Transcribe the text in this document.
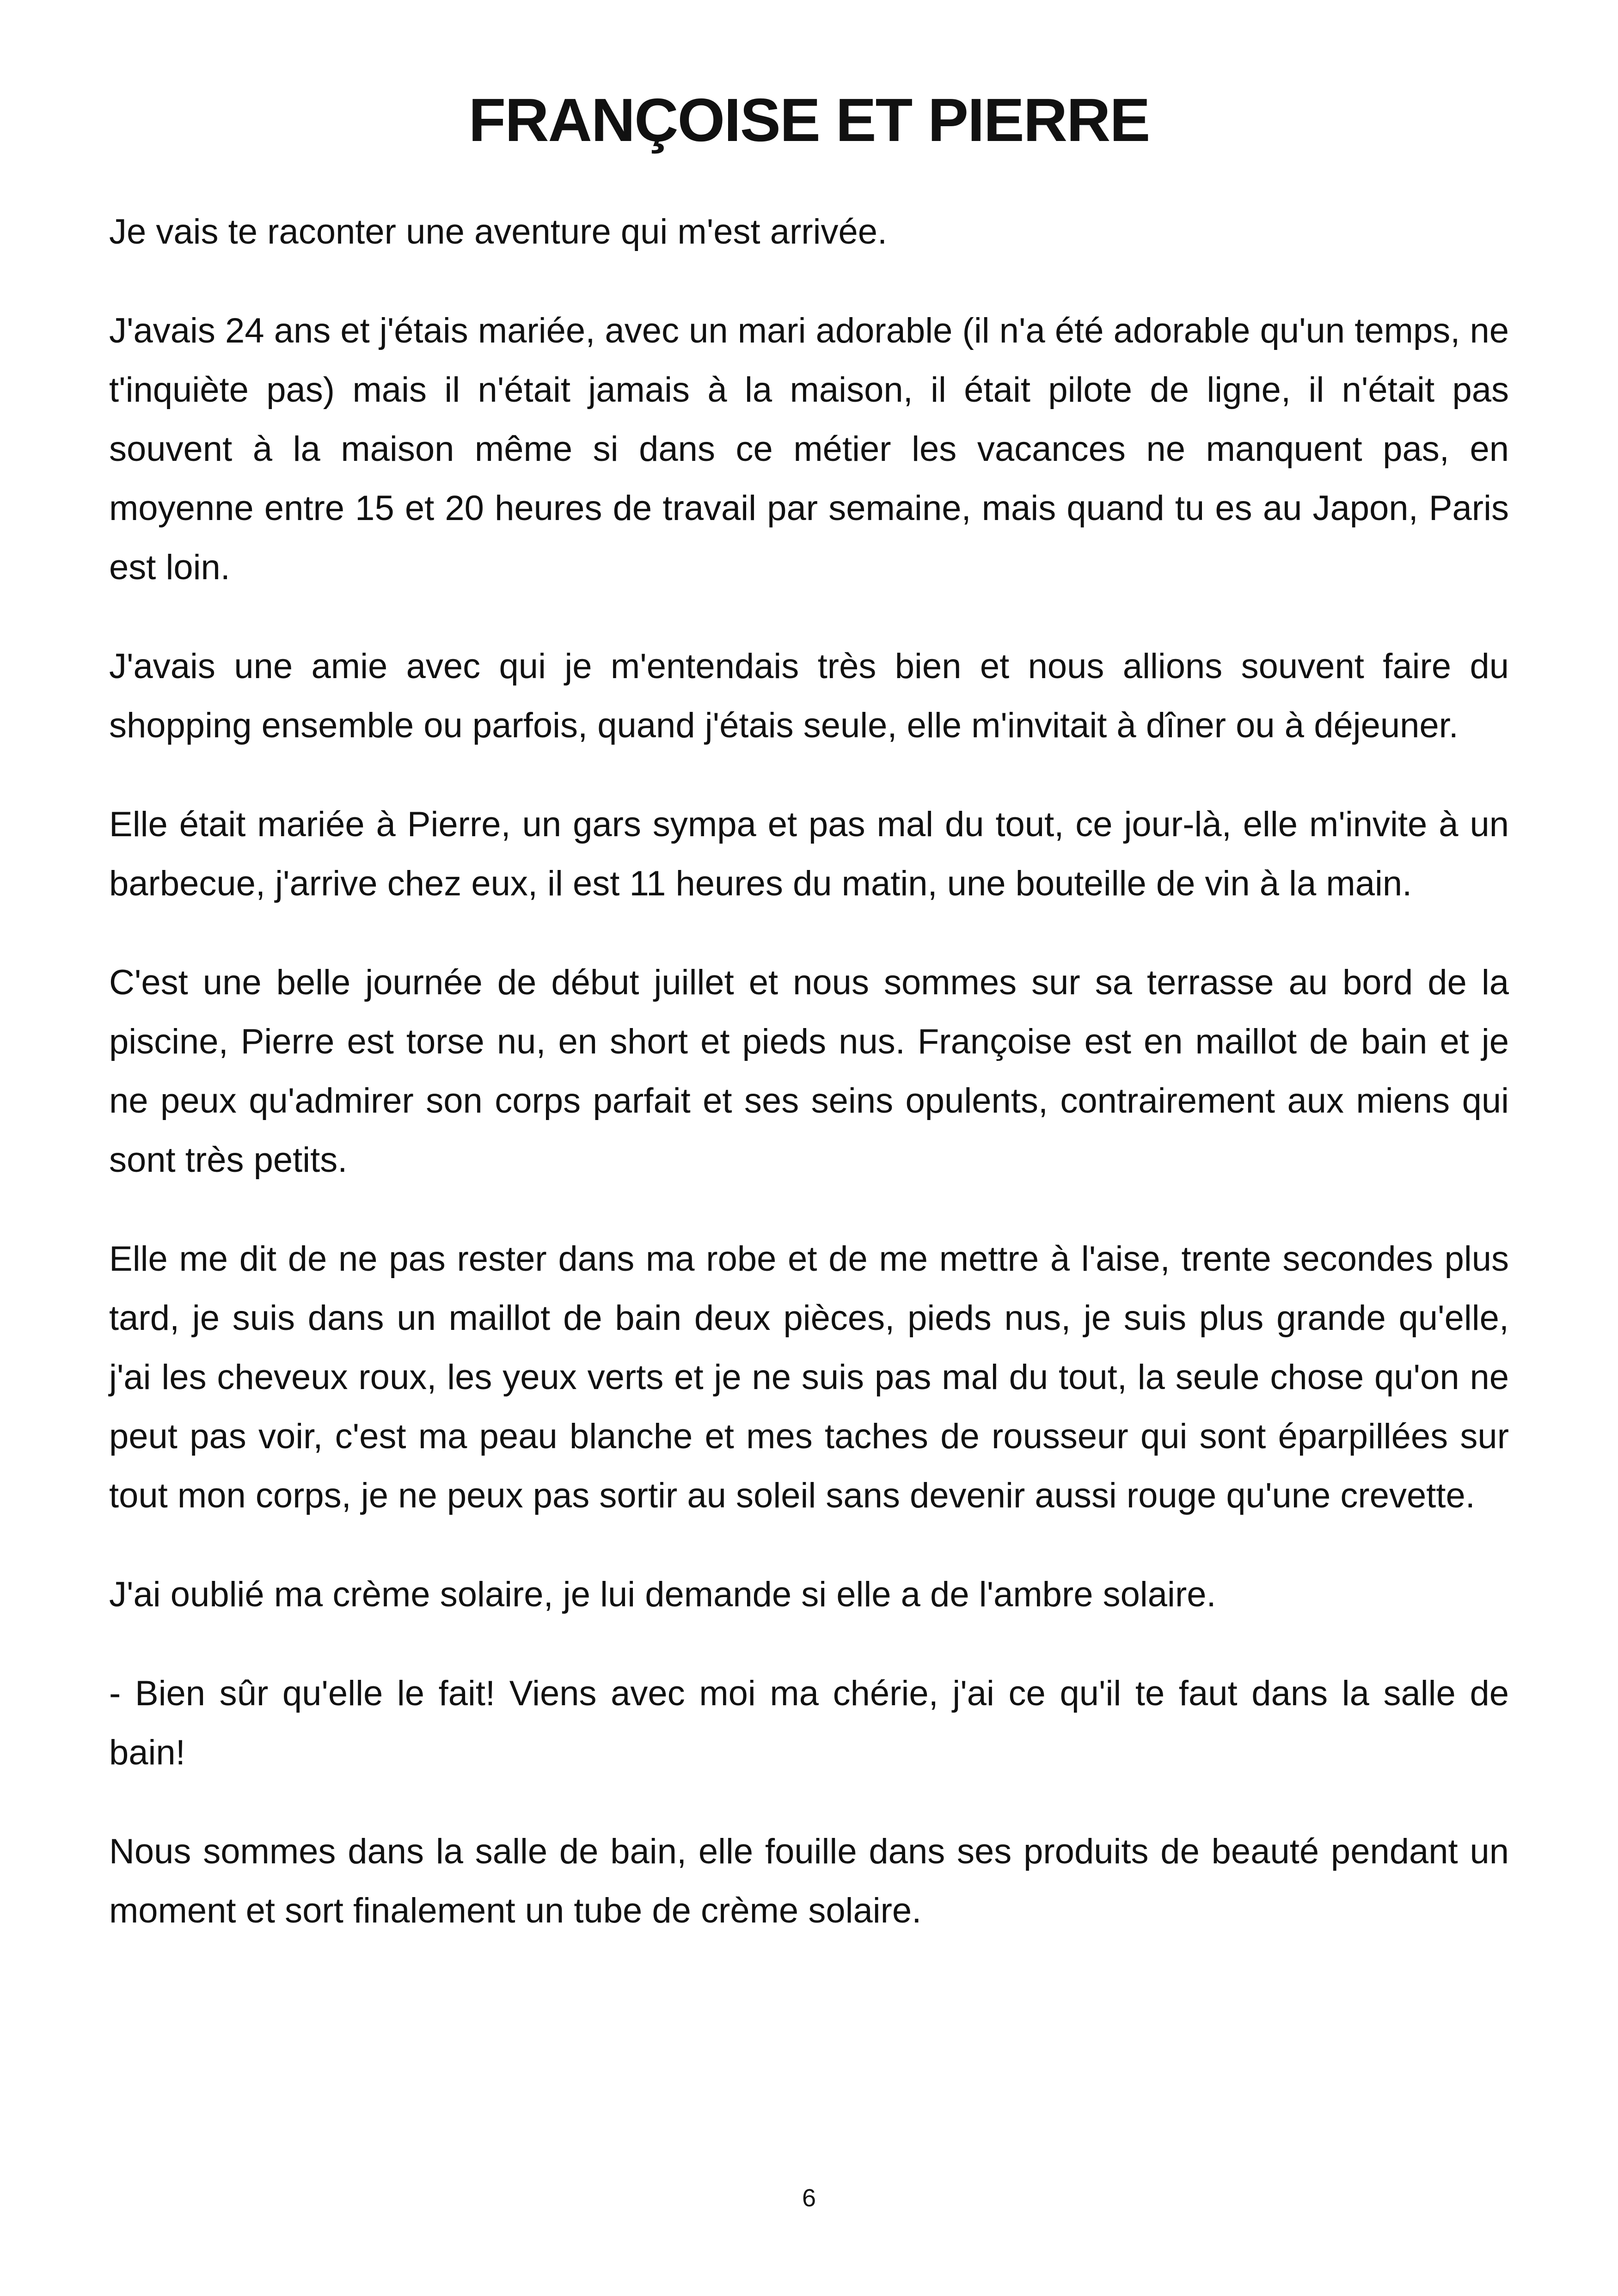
FRANÇOISE ET PIERRE

Je vais te raconter une aventure qui m'est arrivée.

J'avais 24 ans et j'étais mariée, avec un mari adorable (il n'a été adorable qu'un temps, ne t'inquiète pas) mais il n'était jamais à la maison, il était pilote de ligne, il n'était pas souvent à la maison même si dans ce métier les vacances ne manquent pas, en moyenne entre 15 et 20 heures de travail par semaine, mais quand tu es au Japon, Paris est loin.

J'avais une amie avec qui je m'entendais très bien et nous allions souvent faire du shopping ensemble ou parfois, quand j'étais seule, elle m'invitait à dîner ou à déjeuner.

Elle était mariée à Pierre, un gars sympa et pas mal du tout, ce jour-là, elle m'invite à un barbecue, j'arrive chez eux, il est 11 heures du matin, une bouteille de vin à la main.

C'est une belle journée de début juillet et nous sommes sur sa terrasse au bord de la piscine, Pierre est torse nu, en short et pieds nus. Françoise est en maillot de bain et je ne peux qu'admirer son corps parfait et ses seins opulents, contrairement aux miens qui sont très petits.

Elle me dit de ne pas rester dans ma robe et de me mettre à l'aise, trente secondes plus tard, je suis dans un maillot de bain deux pièces, pieds nus, je suis plus grande qu'elle, j'ai les cheveux roux, les yeux verts et je ne suis pas mal du tout, la seule chose qu'on ne peut pas voir, c'est ma peau blanche et mes taches de rousseur qui sont éparpillées sur tout mon corps, je ne peux pas sortir au soleil sans devenir aussi rouge qu'une crevette.

J'ai oublié ma crème solaire, je lui demande si elle a de l'ambre solaire.

- Bien sûr qu'elle le fait! Viens avec moi ma chérie, j'ai ce qu'il te faut dans la salle de bain!

Nous sommes dans la salle de bain, elle fouille dans ses produits de beauté pendant un moment et sort finalement un tube de crème solaire.

6
